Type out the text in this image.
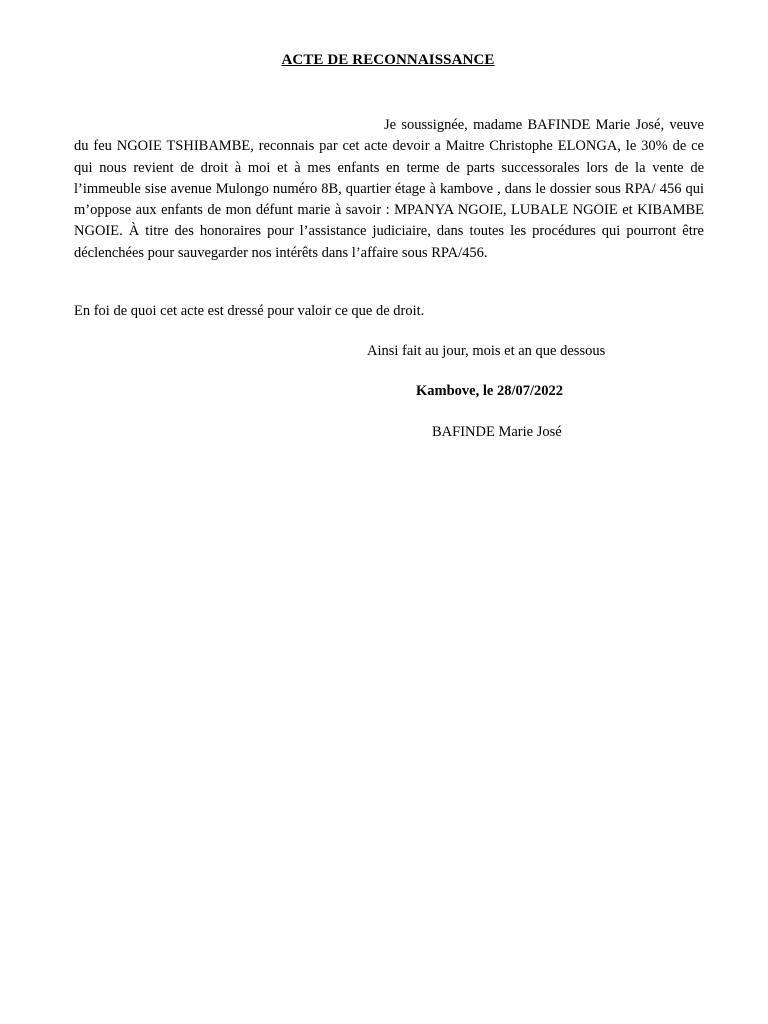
ACTE DE RECONNAISSANCE

Je soussignée, madame BAFINDE Marie José, veuve du feu NGOIE TSHIBAMBE, reconnais par cet acte devoir a Maitre Christophe ELONGA, le 30% de ce qui nous revient de droit à moi et à mes enfants en terme de parts successorales lors de la vente de l’immeuble sise avenue Mulongo numéro 8B, quartier étage à kambove , dans le dossier sous RPA/ 456 qui m’oppose aux enfants de mon défunt marie à savoir : MPANYA NGOIE, LUBALE NGOIE et KIBAMBE NGOIE. À titre des honoraires pour l’assistance judiciaire, dans toutes les procédures qui pourront être déclenchées pour sauvegarder nos intérêts dans l’affaire sous RPA/456.

En foi de quoi cet acte est dressé pour valoir ce que de droit.

Ainsi fait au jour, mois et an que dessous
Kambove, le 28/07/2022
BAFINDE Marie José
